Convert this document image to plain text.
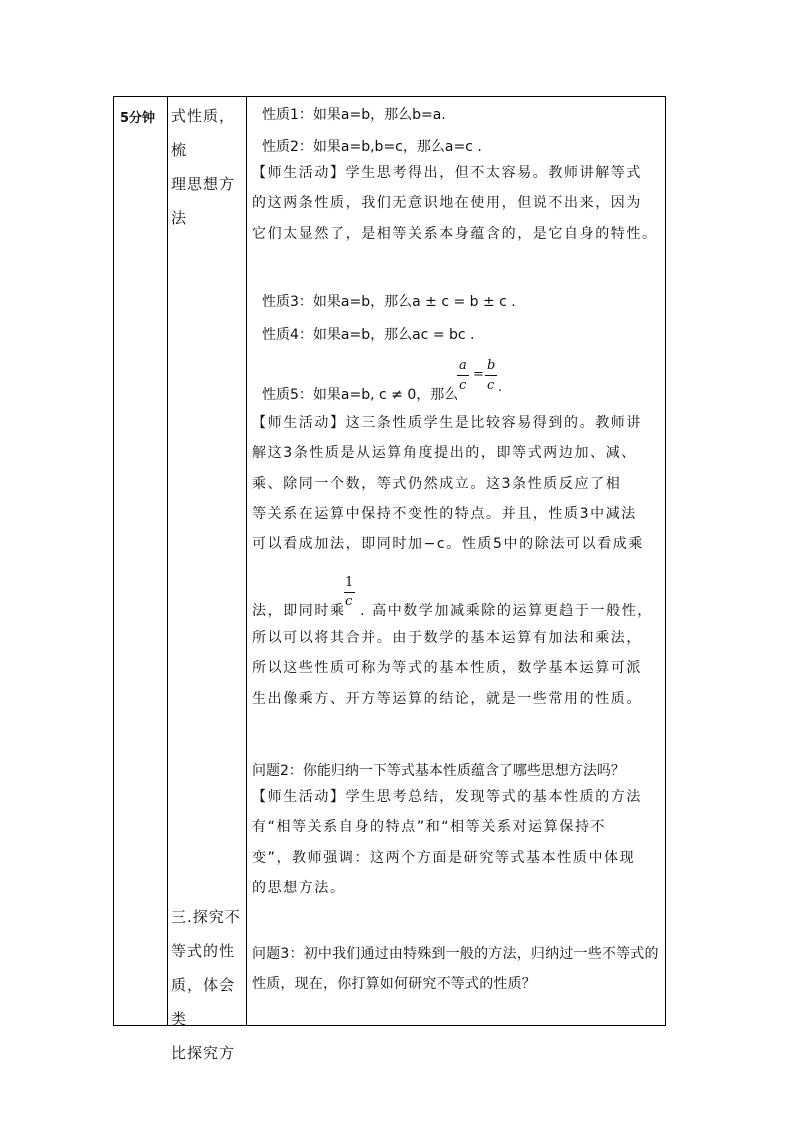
5分钟 式性质，梳
理思想方
法
三.探究不
等式的性
质，体会类
比探究方
性质1：如果a=b，那么b=a.
性质2：如果a=b,b=c，那么a=c .
【师生活动】学生思考得出，但不太容易。教师讲解等式
的这两条性质，我们无意识地在使用，但说不出来，因为
它们太显然了，是相等关系本身蕴含的，是它自身的特性。
性质3：如果a=b，那么a ± c = b ± c .
性质4：如果a=b，那么ac = bc .
性质5：如果a=b, c ≠ 0，那么
a
c
=
b
c .
【师生活动】这三条性质学生是比较容易得到的。教师讲
解这3条性质是从运算角度提出的，即等式两边加、减、
乘、除同一个数，等式仍然成立。这3条性质反应了相
等关系在运算中保持不变性的特点。并且，性质3中减法
可以看成加法，即同时加−c。性质5中的除法可以看成乘
1
c
法，即同时乘 . 高中数学加减乘除的运算更趋于一般性，
所以可以将其合并。由于数学的基本运算有加法和乘法，
所以这些性质可称为等式的基本性质，数学基本运算可派
生出像乘方、开方等运算的结论，就是一些常用的性质。
问题2：你能归纳一下等式基本性质蕴含了哪些思想方法吗？
【师生活动】学生思考总结，发现等式的基本性质的方法
有“相等关系自身的特点”和“相等关系对运算保持不
变”，教师强调：这两个方面是研究等式基本性质中体现
的思想方法。
问题3：初中我们通过由特殊到一般的方法，归纳过一些不等式的
性质，现在，你打算如何研究不等式的性质？
